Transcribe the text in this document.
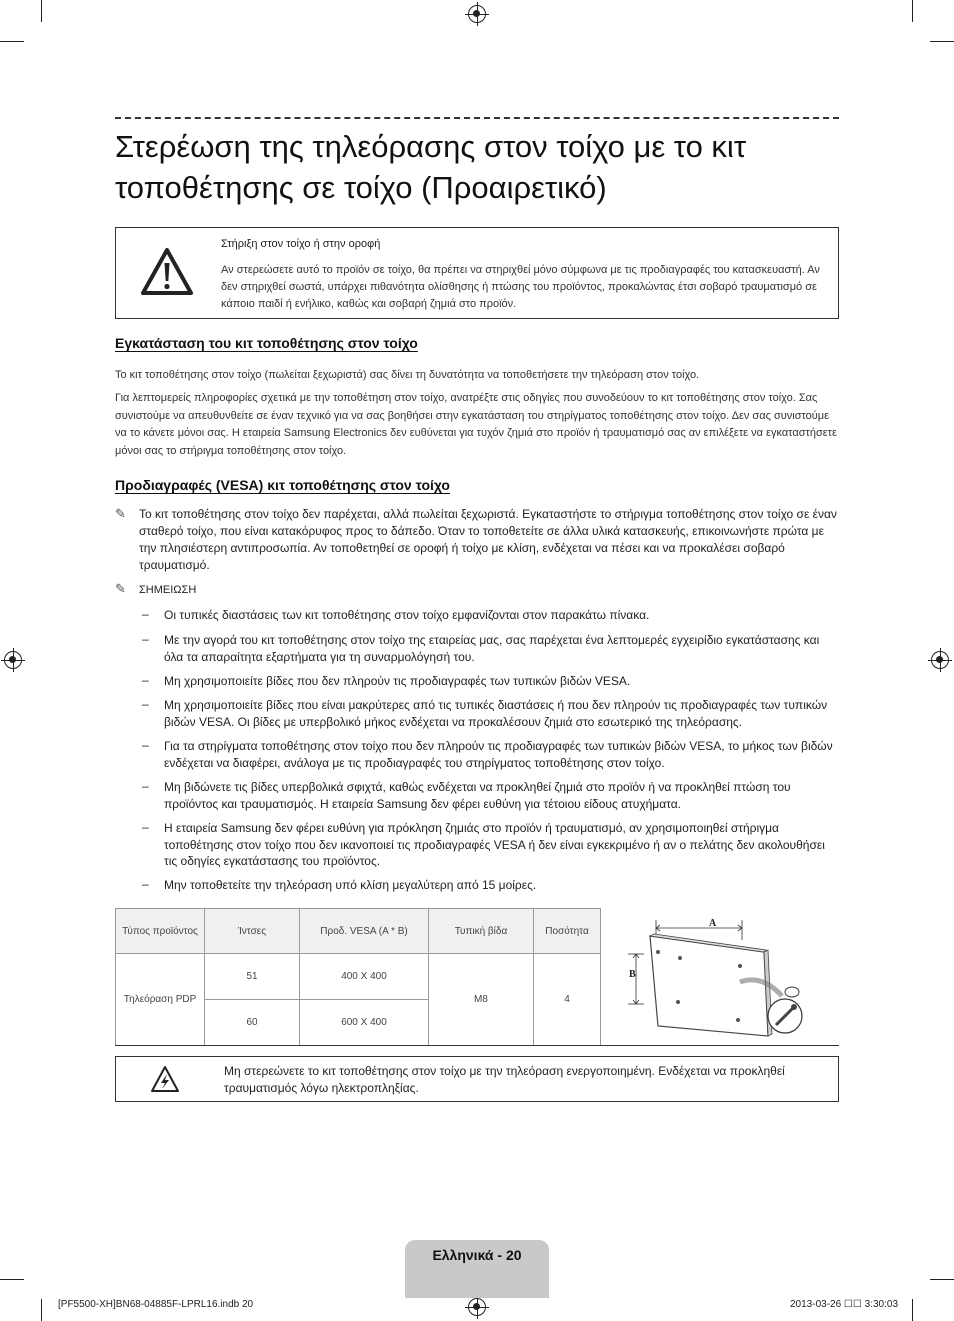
Στερέωση της τηλεόρασης στον τοίχο με το κιτ τοποθέτησης σε τοίχο (Προαιρετικό)
Στήριξη στον τοίχο ή στην οροφή
Αν στερεώσετε αυτό το προϊόν σε τοίχο, θα πρέπει να στηριχθεί μόνο σύμφωνα με τις προδιαγραφές του κατασκευαστή. Αν δεν στηριχθεί σωστά, υπάρχει πιθανότητα ολίσθησης ή πτώσης του προϊόντος, προκαλώντας έτσι σοβαρό τραυματισμό σε κάποιο παιδί ή ενήλικο, καθώς και σοβαρή ζημιά στο προϊόν.
Εγκατάσταση του κιτ τοποθέτησης στον τοίχο
Το κιτ τοποθέτησης στον τοίχο (πωλείται ξεχωριστά) σας δίνει τη δυνατότητα να τοποθετήσετε την τηλεόραση στον τοίχο.
Για λεπτομερείς πληροφορίες σχετικά με την τοποθέτηση στον τοίχο, ανατρέξτε στις οδηγίες που συνοδεύουν το κιτ τοποθέτησης στον τοίχο. Σας συνιστούμε να απευθυνθείτε σε έναν τεχνικό για να σας βοηθήσει στην εγκατάσταση του στηρίγματος τοποθέτησης στον τοίχο. Δεν σας συνιστούμε να το κάνετε μόνοι σας. Η εταιρεία Samsung Electronics δεν ευθύνεται για τυχόν ζημιά στο προϊόν ή τραυματισμό σας αν επιλέξετε να εγκαταστήσετε μόνοι σας το στήριγμα τοποθέτησης στον τοίχο.
Προδιαγραφές (VESA) κιτ τοποθέτησης στον τοίχο
✎ Το κιτ τοποθέτησης στον τοίχο δεν παρέχεται, αλλά πωλείται ξεχωριστά. Εγκαταστήστε το στήριγμα τοποθέτησης στον τοίχο σε έναν σταθερό τοίχο, που είναι κατακόρυφος προς το δάπεδο. Όταν το τοποθετείτε σε άλλα υλικά κατασκευής, επικοινωνήστε πρώτα με την πλησιέστερη αντιπροσωπία. Αν τοποθετηθεί σε οροφή ή τοίχο με κλίση, ενδέχεται να πέσει και να προκαλέσει σοβαρό τραυματισμό.
✎ ΣΗΜΕΙΩΣΗ
– Οι τυπικές διαστάσεις των κιτ τοποθέτησης στον τοίχο εμφανίζονται στον παρακάτω πίνακα.
– Με την αγορά του κιτ τοποθέτησης στον τοίχο της εταιρείας μας, σας παρέχεται ένα λεπτομερές εγχειρίδιο εγκατάστασης και όλα τα απαραίτητα εξαρτήματα για τη συναρμολόγησή του.
– Μη χρησιμοποιείτε βίδες που δεν πληρούν τις προδιαγραφές των τυπικών βιδών VESA.
– Μη χρησιμοποιείτε βίδες που είναι μακρύτερες από τις τυπικές διαστάσεις ή που δεν πληρούν τις προδιαγραφές των τυπικών βιδών VESA. Οι βίδες με υπερβολικό μήκος ενδέχεται να προκαλέσουν ζημιά στο εσωτερικό της τηλεόρασης.
– Για τα στηρίγματα τοποθέτησης στον τοίχο που δεν πληρούν τις προδιαγραφές των τυπικών βιδών VESA, το μήκος των βιδών ενδέχεται να διαφέρει, ανάλογα με τις προδιαγραφές του στηρίγματος τοποθέτησης στον τοίχο.
– Μη βιδώνετε τις βίδες υπερβολικά σφιχτά, καθώς ενδέχεται να προκληθεί ζημιά στο προϊόν ή να προκληθεί πτώση του προϊόντος και τραυματισμός. Η εταιρεία Samsung δεν φέρει ευθύνη για τέτοιου είδους ατυχήματα.
– Η εταιρεία Samsung δεν φέρει ευθύνη για πρόκληση ζημιάς στο προϊόν ή τραυματισμό, αν χρησιμοποιηθεί στήριγμα τοποθέτησης στον τοίχο που δεν ικανοποιεί τις προδιαγραφές VESA ή δεν είναι εγκεκριμένο ή αν ο πελάτης δεν ακολουθήσει τις οδηγίες εγκατάστασης του προϊόντος.
– Μην τοποθετείτε την τηλεόραση υπό κλίση μεγαλύτερη από 15 μοίρες.
Τύπος προϊόντος	Ίντσες	Προδ. VESA (A * B)	Τυπική βίδα	Ποσότητα
Τηλεόραση PDP	51	400 X 400	M8	4
	60	600 X 400		
A
B
Μη στερεώνετε το κιτ τοποθέτησης στον τοίχο με την τηλεόραση ενεργοποιημένη. Ενδέχεται να προκληθεί τραυματισμός λόγω ηλεκτροπληξίας.
Ελληνικά - 20
[PF5500-XH]BN68-04885F-LPRL16.indb 20	2013-03-26 ☐☐ 3:30:03
